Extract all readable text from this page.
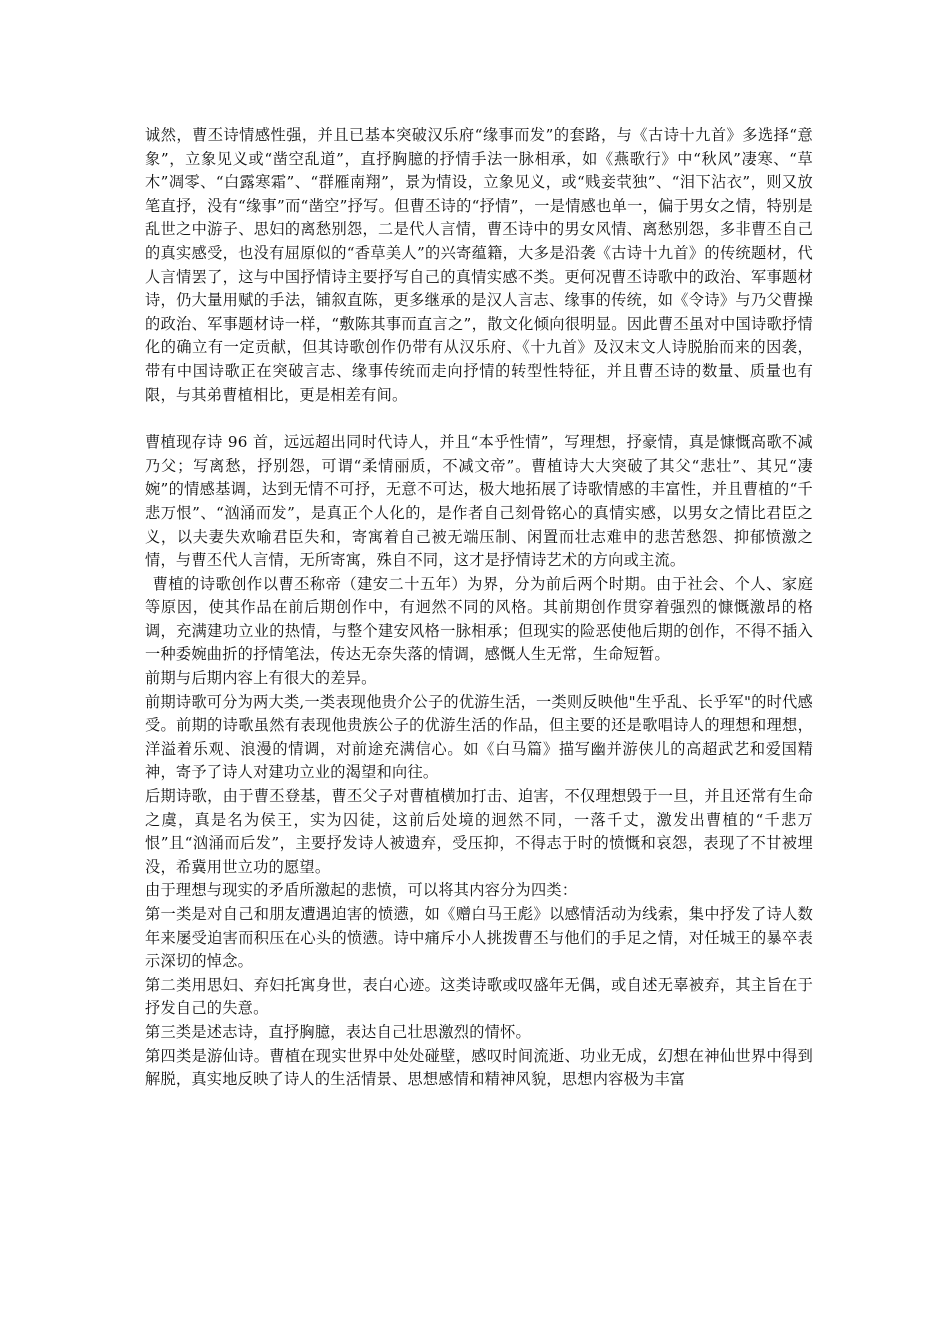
诚然，曹丕诗情感性强，并且已基本突破汉乐府“缘事而发”的套路，与《古诗十九首》多选择“意象”，立象见义或“凿空乱道”，直抒胸臆的抒情手法一脉相承，如《燕歌行》中“秋风”凄寒、“草木”凋零、“白露寒霜”、“群雁南翔”，景为情设，立象见义，或“贱妾茕独”、“泪下沾衣”，则又放笔直抒，没有“缘事”而“凿空”抒写。但曹丕诗的“抒情”，一是情感也单一，偏于男女之情，特别是乱世之中游子、思妇的离愁别怨，二是代人言情，曹丕诗中的男女风情、离愁别怨，多非曹丕自己的真实感受，也没有屈原似的“香草美人”的兴寄蕴籍，大多是沿袭《古诗十九首》的传统题材，代人言情罢了，这与中国抒情诗主要抒写自己的真情实感不类。更何况曹丕诗歌中的政治、军事题材诗，仍大量用赋的手法，铺叙直陈，更多继承的是汉人言志、缘事的传统，如《令诗》与乃父曹操的政治、军事题材诗一样，“敷陈其事而直言之”，散文化倾向很明显。因此曹丕虽对中国诗歌抒情化的确立有一定贡献，但其诗歌创作仍带有从汉乐府、《十九首》及汉末文人诗脱胎而来的因袭，带有中国诗歌正在突破言志、缘事传统而走向抒情的转型性特征，并且曹丕诗的数量、质量也有限，与其弟曹植相比，更是相差有间。

曹植现存诗 96 首，远远超出同时代诗人，并且“本乎性情”，写理想，抒豪情，真是慷慨高歌不减乃父；写离愁，抒别怨，可谓“柔情丽质，不减文帝”。曹植诗大大突破了其父“悲壮”、其兄“凄婉”的情感基调，达到无情不可抒，无意不可达，极大地拓展了诗歌情感的丰富性，并且曹植的“千悲万恨”、“汹涌而发”，是真正个人化的，是作者自己刻骨铭心的真情实感，以男女之情比君臣之义，以夫妻失欢喻君臣失和，寄寓着自己被无端压制、闲置而壮志难申的悲苦愁怨、抑郁愤激之情，与曹丕代人言情，无所寄寓，殊自不同，这才是抒情诗艺术的方向或主流。

曹植的诗歌创作以曹丕称帝（建安二十五年）为界，分为前后两个时期。由于社会、个人、家庭等原因，使其作品在前后期创作中，有迥然不同的风格。其前期创作贯穿着强烈的慷慨激昂的格调，充满建功立业的热情，与整个建安风格一脉相承；但现实的险恶使他后期的创作，不得不插入一种委婉曲折的抒情笔法，传达无奈失落的情调，感慨人生无常，生命短暂。

前期与后期内容上有很大的差异。

前期诗歌可分为两大类,一类表现他贵介公子的优游生活，一类则反映他"生乎乱、长乎军"的时代感受。前期的诗歌虽然有表现他贵族公子的优游生活的作品，但主要的还是歌唱诗人的理想和理想，洋溢着乐观、浪漫的情调，对前途充满信心。如《白马篇》描写幽并游侠儿的高超武艺和爱国精神，寄予了诗人对建功立业的渴望和向往。

后期诗歌，由于曹丕登基，曹丕父子对曹植横加打击、迫害，不仅理想毁于一旦，并且还常有生命之虞，真是名为侯王，实为囚徒，这前后处境的迥然不同，一落千丈，激发出曹植的“千悲万恨”且“汹涌而后发”，主要抒发诗人被遗弃，受压抑，不得志于时的愤慨和哀怨，表现了不甘被埋没，希冀用世立功的愿望。

由于理想与现实的矛盾所激起的悲愤，可以将其内容分为四类：

第一类是对自己和朋友遭遇迫害的愤懑，如《赠白马王彪》以感情活动为线索，集中抒发了诗人数年来屡受迫害而积压在心头的愤懑。诗中痛斥小人挑拨曹丕与他们的手足之情，对任城王的暴卒表示深切的悼念。

第二类用思妇、弃妇托寓身世，表白心迹。这类诗歌或叹盛年无偶，或自述无辜被弃，其主旨在于抒发自己的失意。

第三类是述志诗，直抒胸臆，表达自己壮思激烈的情怀。

第四类是游仙诗。曹植在现实世界中处处碰壁，感叹时间流逝、功业无成，幻想在神仙世界中得到解脱，真实地反映了诗人的生活情景、思想感情和精神风貌，思想内容极为丰富
